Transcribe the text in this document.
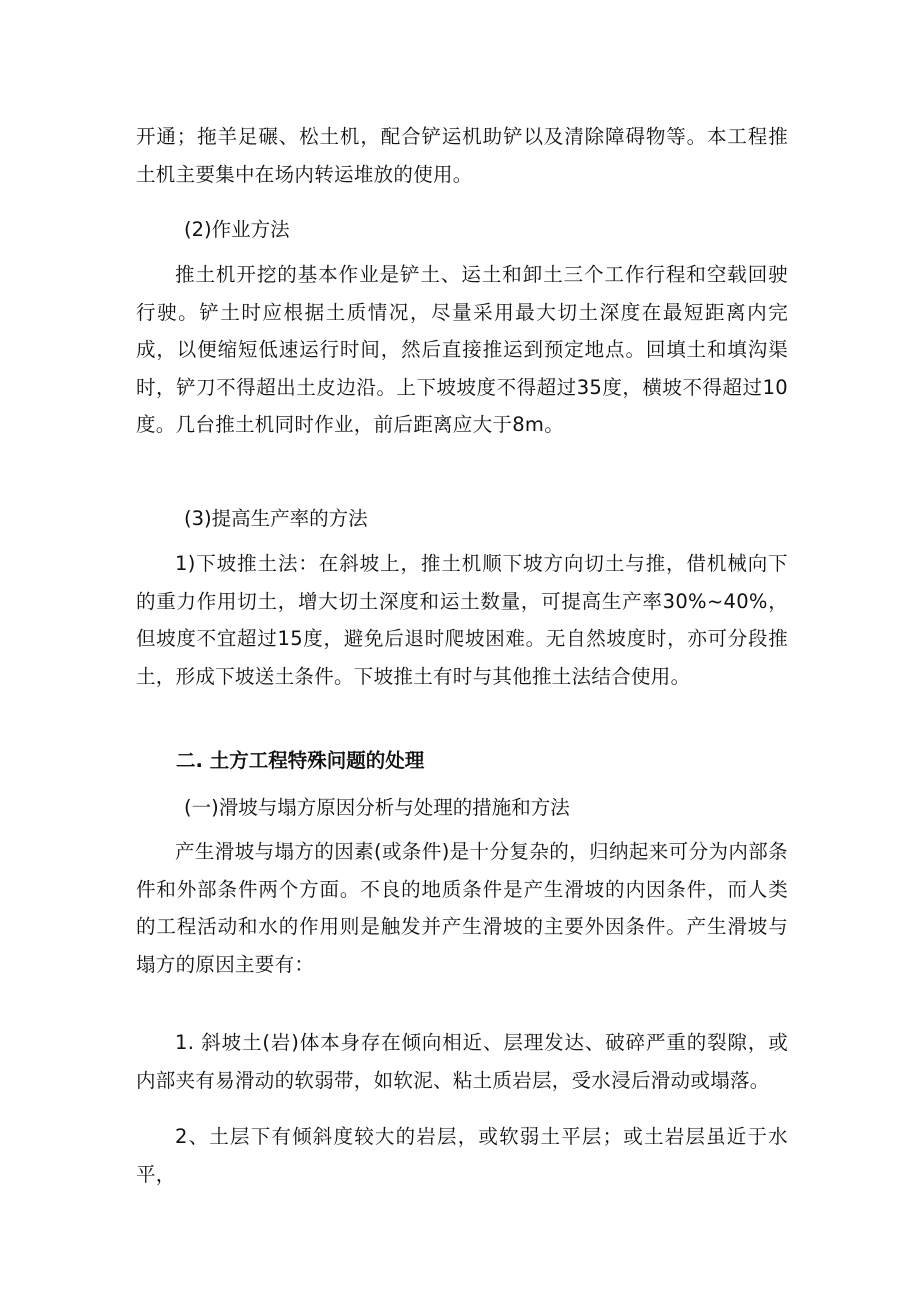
开通；拖羊足碾、松土机，配合铲运机助铲以及清除障碍物等。本工程推土机主要集中在场内转运堆放的使用。

(2)作业方法

推土机开挖的基本作业是铲土、运土和卸土三个工作行程和空载回驶行驶。铲土时应根据土质情况，尽量采用最大切土深度在最短距离内完成，以便缩短低速运行时间，然后直接推运到预定地点。回填土和填沟渠时，铲刀不得超出土皮边沿。上下坡坡度不得超过35度，横坡不得超过10度。几台推土机同时作业，前后距离应大于8m。

(3)提高生产率的方法

1)下坡推土法：在斜坡上，推土机顺下坡方向切土与推，借机械向下的重力作用切土，增大切土深度和运土数量，可提高生产率30%~40%，但坡度不宜超过15度，避免后退时爬坡困难。无自然坡度时，亦可分段推土，形成下坡送土条件。下坡推土有时与其他推土法结合使用。

二. 土方工程特殊问题的处理

(一)滑坡与塌方原因分析与处理的措施和方法

产生滑坡与塌方的因素(或条件)是十分复杂的，归纳起来可分为内部条件和外部条件两个方面。不良的地质条件是产生滑坡的内因条件，而人类的工程活动和水的作用则是触发并产生滑坡的主要外因条件。产生滑坡与塌方的原因主要有：

1. 斜坡土(岩)体本身存在倾向相近、层理发达、破碎严重的裂隙，或内部夹有易滑动的软弱带，如软泥、粘土质岩层，受水浸后滑动或塌落。

2、土层下有倾斜度较大的岩层，或软弱土平层；或土岩层虽近于水平，
